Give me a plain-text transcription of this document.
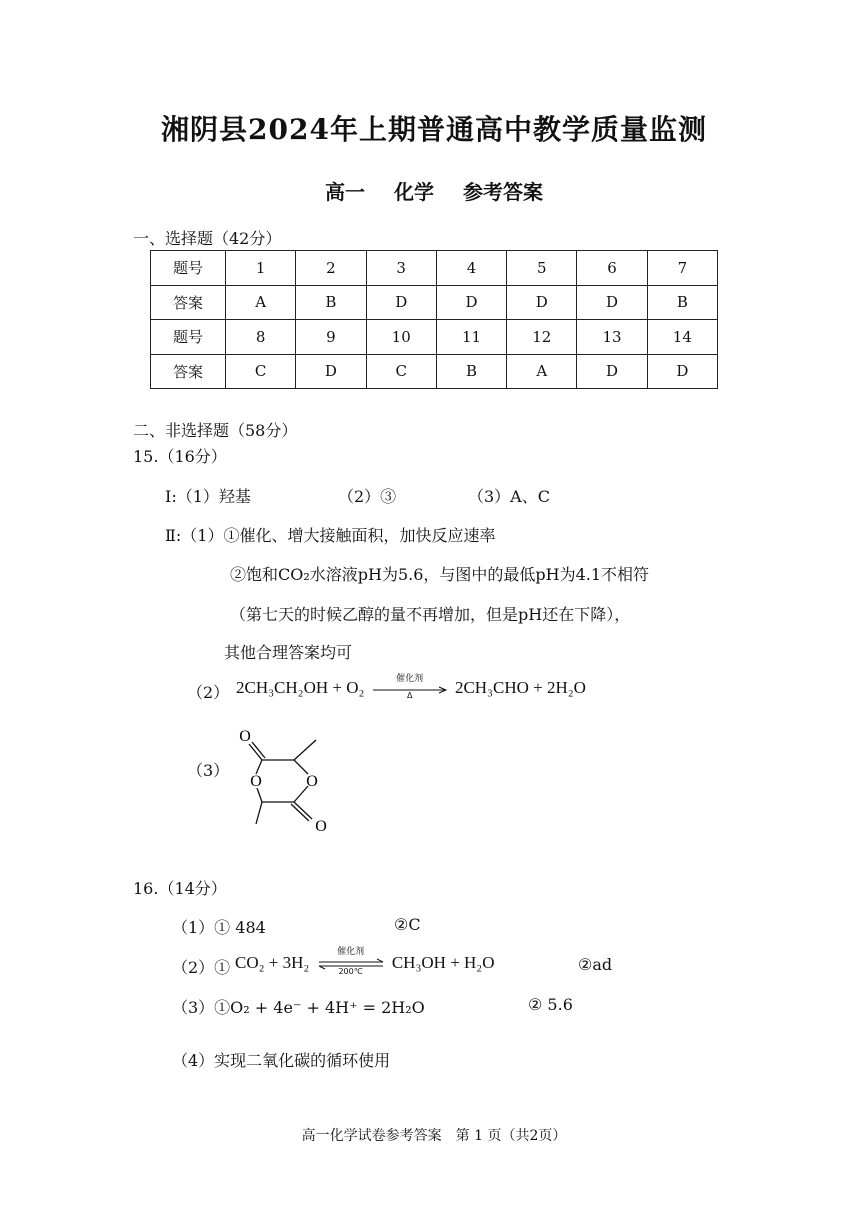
湘阴县2024年上期普通高中教学质量监测
高一 化学 参考答案
一、选择题（42分）
题号	1	2	3	4	5	6	7
答案	A	B	D	D	D	D	B
题号	8	9	10	11	12	13	14
答案	C	D	C	B	A	D	D
二、非选择题（58分）
15.（16分）
Ⅰ:（1）羟基	（2）③	（3）A、C
Ⅱ:（1）①催化、增大接触面积，加快反应速率
②饱和CO₂水溶液pH为5.6，与图中的最低pH为4.1不相符
（第七天的时候乙醇的量不再增加，但是pH还在下降），
其他合理答案均可
（2） 2CH₃CH₂OH + O₂	催化剂
Δ	2CH₃CHO + 2H₂O
（3）
O
O	O
O
16.（14分）
（1）① 484	②C
（2）① CO₂ + 3H₂
催化剂
200℃	CH₃OH + H₂O	②ad
（3）①O₂ + 4e⁻ + 4H⁺ = 2H₂O	② 5.6
（4）实现二氧化碳的循环使用
高一化学试卷参考答案　第 1 页（共2页）
